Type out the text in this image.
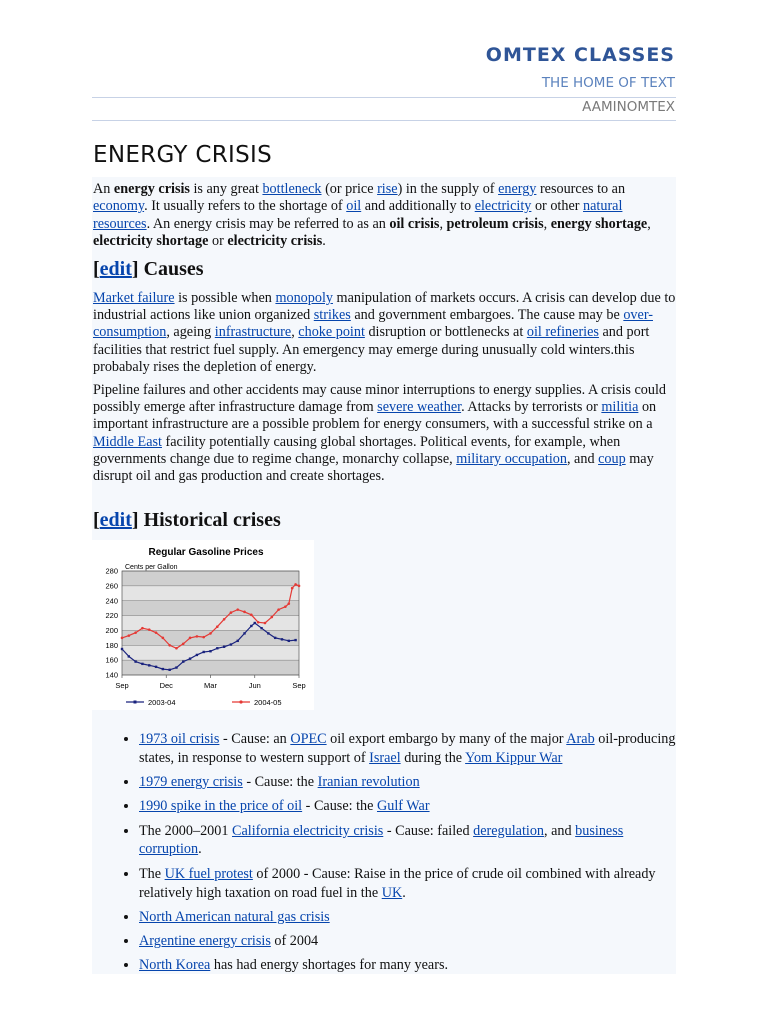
OMTEX CLASSES
THE HOME OF TEXT
AAMINOMTEX
ENERGY CRISIS

An energy crisis is any great bottleneck (or price rise) in the supply of energy resources to an economy. It usually refers to the shortage of oil and additionally to electricity or other natural resources. An energy crisis may be referred to as an oil crisis, petroleum crisis, energy shortage, electricity shortage or electricity crisis.

[edit] Causes

Market failure is possible when monopoly manipulation of markets occurs. A crisis can develop due to industrial actions like union organized strikes and government embargoes. The cause may be over-consumption, ageing infrastructure, choke point disruption or bottlenecks at oil refineries and port facilities that restrict fuel supply. An emergency may emerge during unusually cold winters.this probabaly rises the depletion of energy.

Pipeline failures and other accidents may cause minor interruptions to energy supplies. A crisis could possibly emerge after infrastructure damage from severe weather. Attacks by terrorists or militia on important infrastructure are a possible problem for energy consumers, with a successful strike on a Middle East facility potentially causing global shortages. Political events, for example, when governments change due to regime change, monarchy collapse, military occupation, and coup may disrupt oil and gas production and create shortages.

[edit] Historical crises
Regular Gasoline Prices
Cents per Gallon
140
160
180
200
220
240
260
280
Sep	Dec	Mar	Jun	Sep
2003-04	2004-05
• 1973 oil crisis - Cause: an OPEC oil export embargo by many of the major Arab oil-producing states, in response to western support of Israel during the Yom Kippur War
• 1979 energy crisis - Cause: the Iranian revolution
• 1990 spike in the price of oil - Cause: the Gulf War
• The 2000–2001 California electricity crisis - Cause: failed deregulation, and business corruption.
• The UK fuel protest of 2000 - Cause: Raise in the price of crude oil combined with already relatively high taxation on road fuel in the UK.
• North American natural gas crisis
• Argentine energy crisis of 2004
• North Korea has had energy shortages for many years.
